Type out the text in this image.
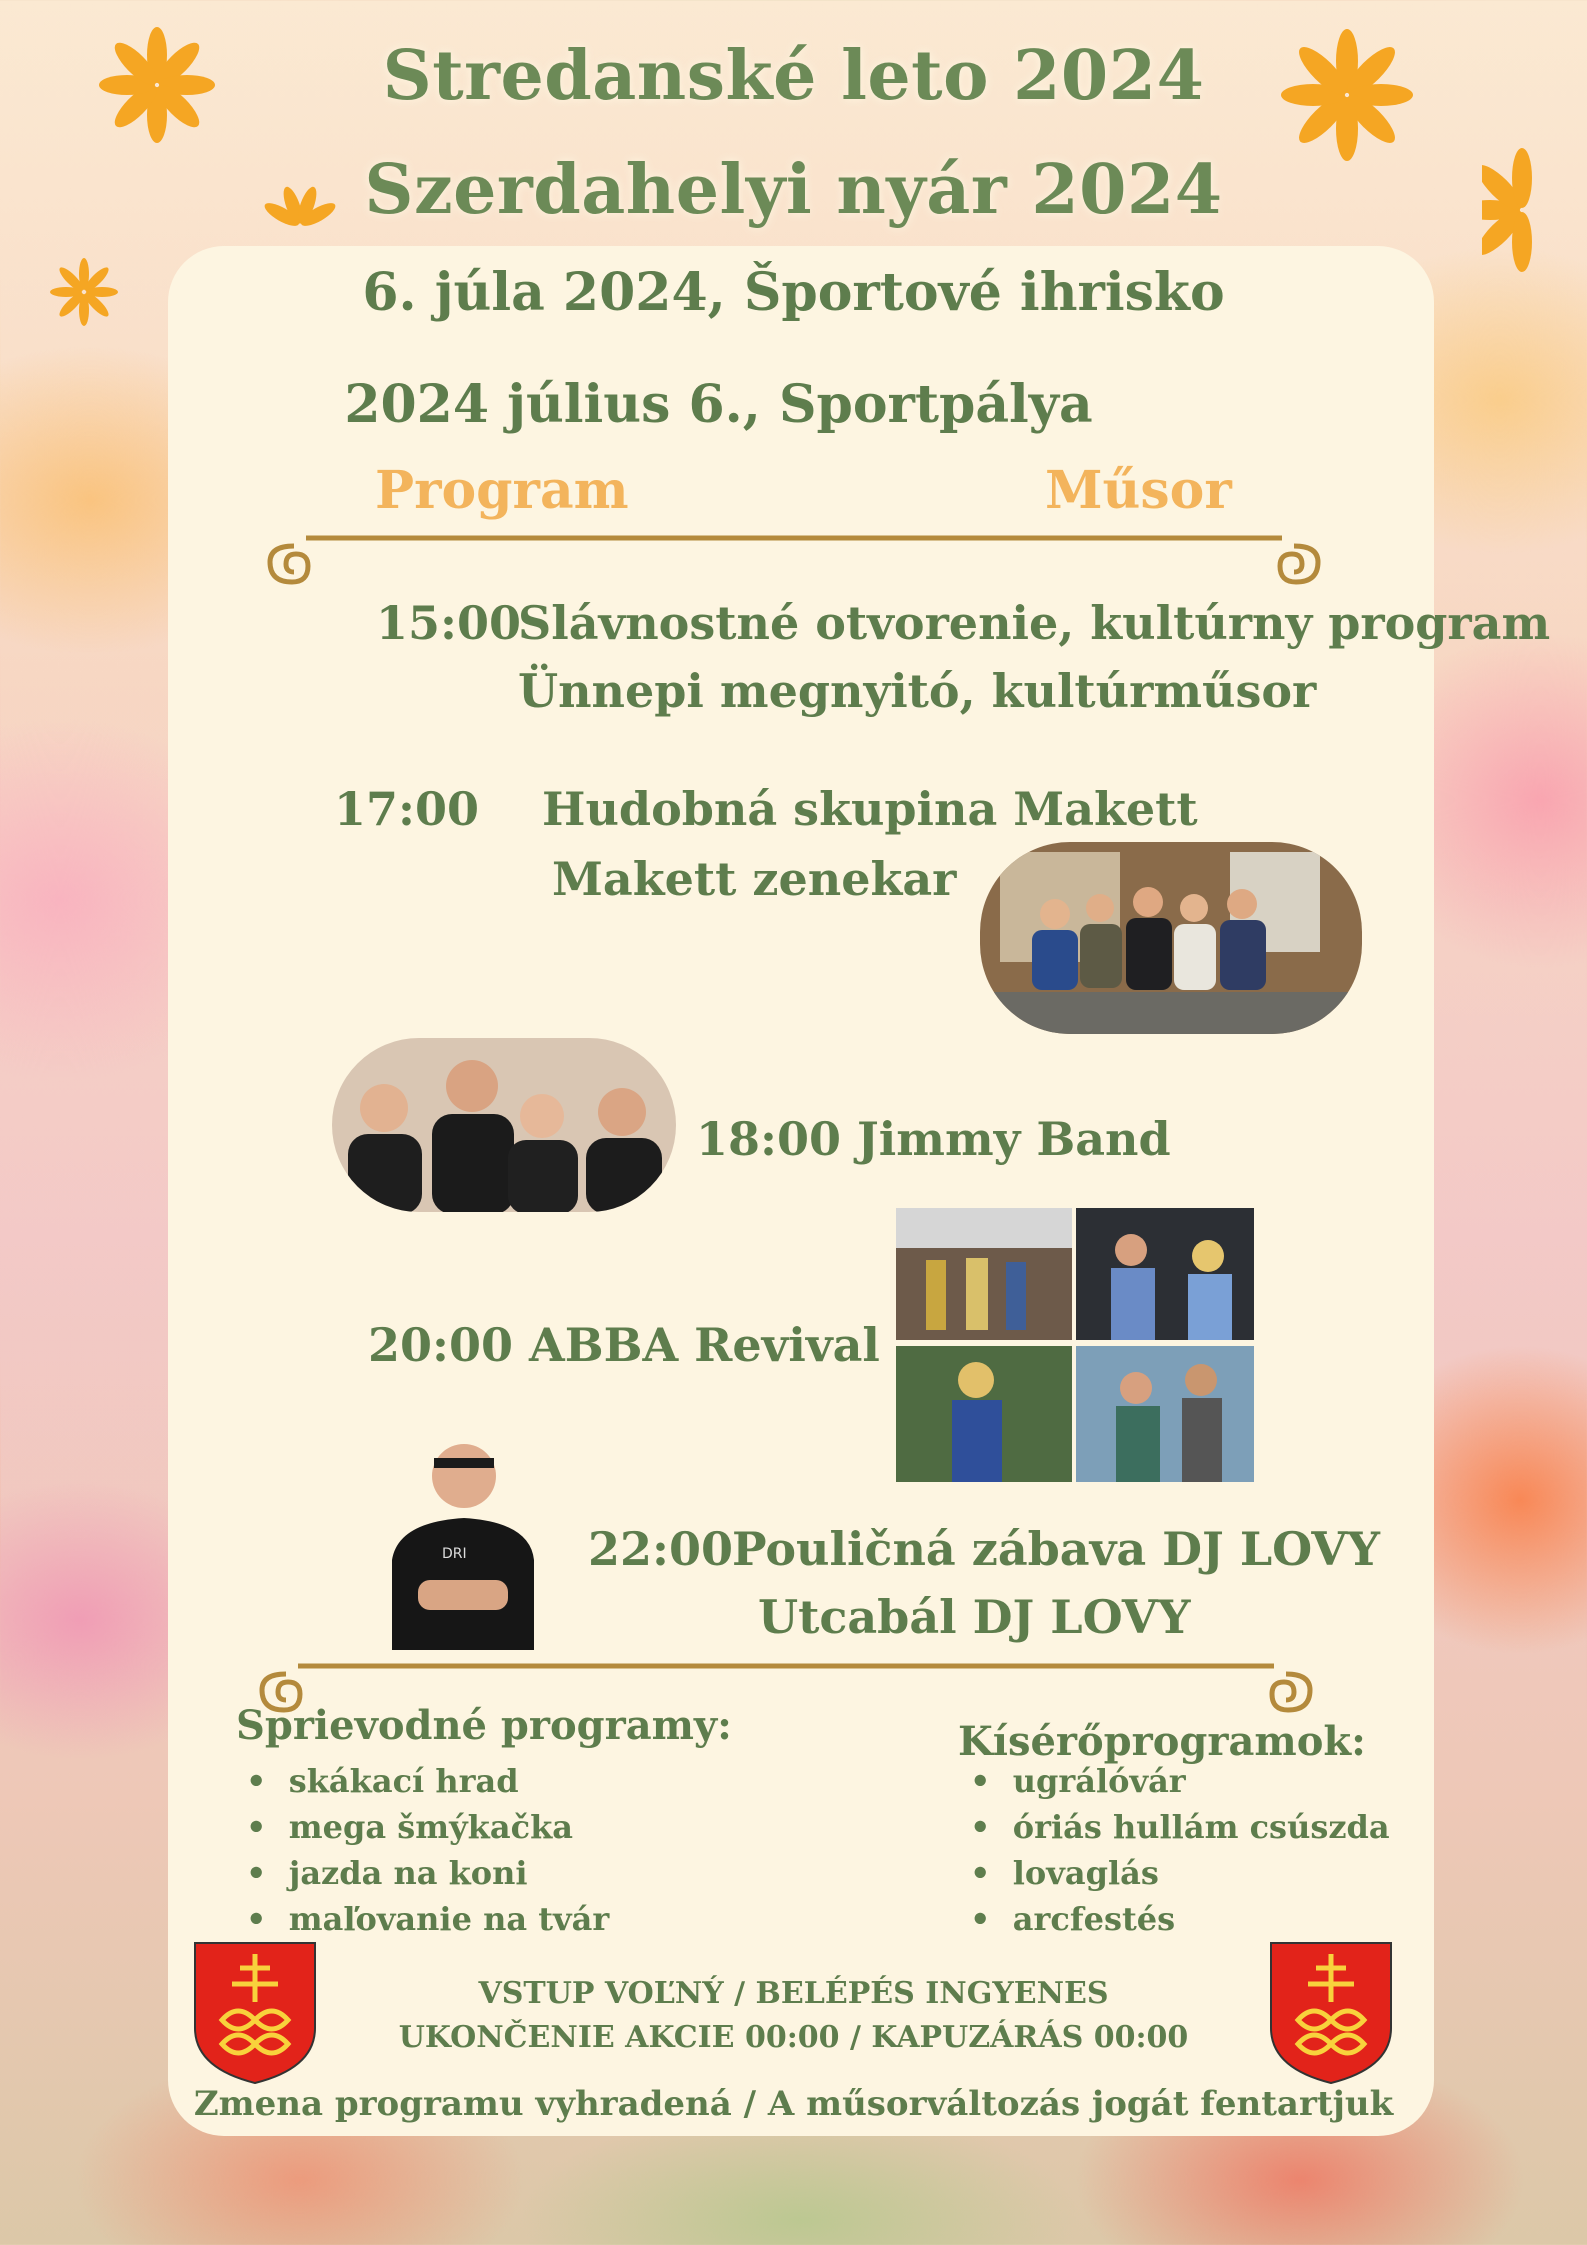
Stredanské leto 2024
Szerdahelyi nyár 2024
6. júla 2024, Športové ihrisko
2024 július 6., Sportpálya
Program	Műsor
15:00
Slávnostné otvorenie, kultúrny program
Ünnepi megnyitó, kultúrműsor
17:00 Hudobná skupina Makett
Makett zenekar
18:00 Jimmy Band
20:00 ABBA Revival
DRI	22:00
Pouličná zábava DJ LOVY
Utcabál DJ LOVY
Sprievodné programy:
•  skákací hrad
•  mega šmýkačka
•  jazda na koni
•  maľovanie na tvár
Kísérőprogramok:
•  ugrálóvár
•  óriás hullám csúszda
•  lovaglás
•  arcfestés
VSTUP VOĽNÝ / BELÉPÉS INGYENES
UKONČENIE AKCIE 00:00 / KAPUZÁRÁS 00:00
Zmena programu vyhradená / A műsorváltozás jogát fentartjuk
